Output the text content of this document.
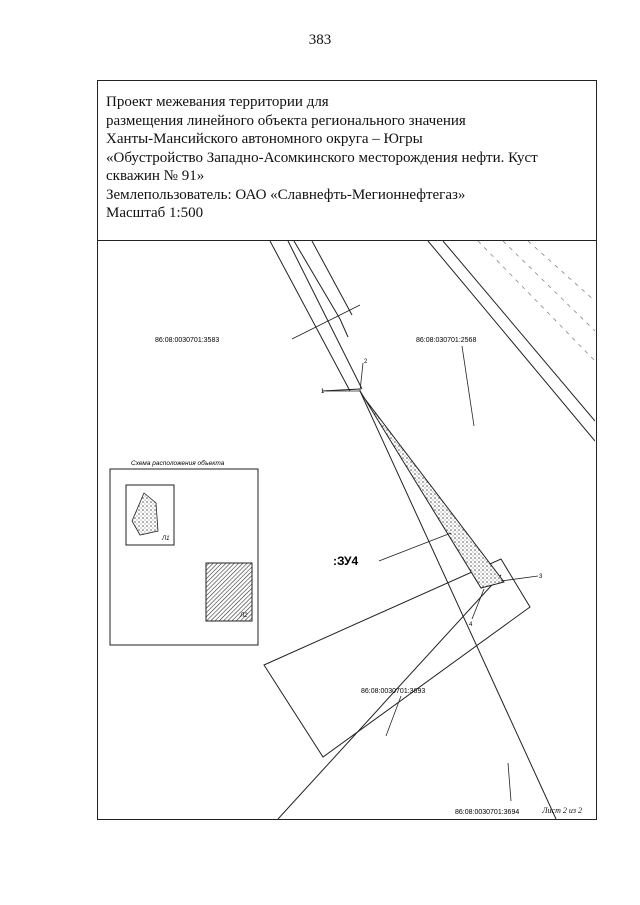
383
Проект межевания территории для
размещения линейного объекта регионального значения
Ханты-Мансийского автономного округа – Югры
«Обустройство Западно-Асомкинского месторождения нефти. Куст
скважин № 91»
Землепользователь: ОАО «Славнефть-Мегионнефтегаз»
Масштаб 1:500
2
1
3
4
86:08:0030701:3583	86:08:030701:2568
:ЗУ4
86:08:0030701:3693
86:08:0030701:3694
Схема расположения объекта
Л1
Л2
Лист 2 из 2
